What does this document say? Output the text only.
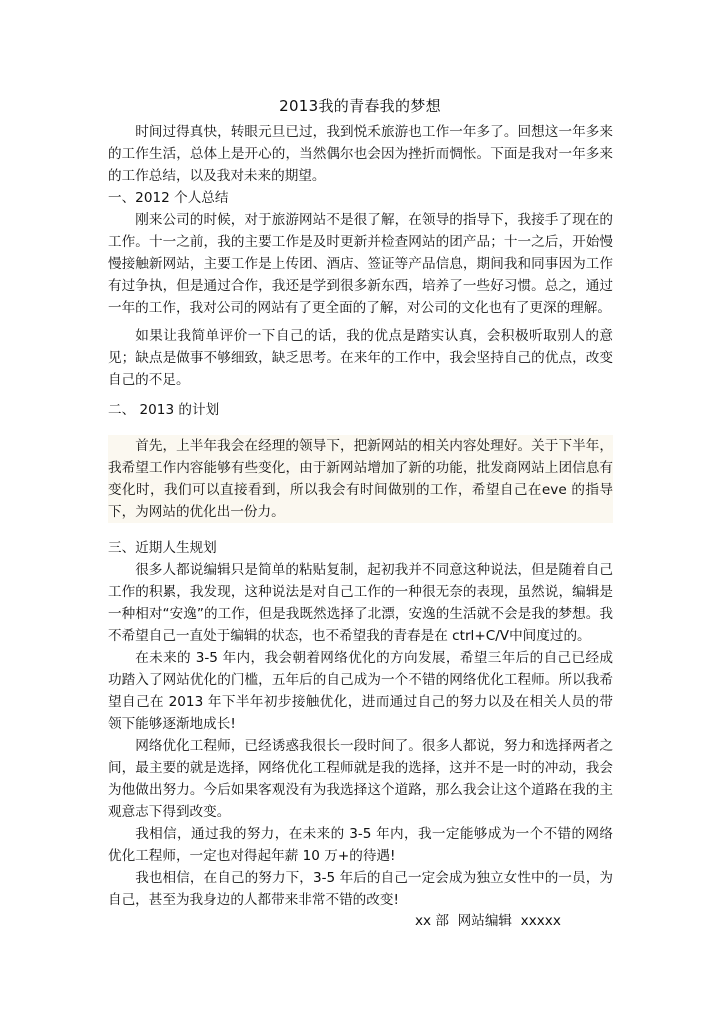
2013我的青春我的梦想

时间过得真快，转眼元旦已过，我到悦禾旅游也工作一年多了。回想这一年多来的工作生活，总体上是开心的，当然偶尔也会因为挫折而惆怅。下面是我对一年多来的工作总结，以及我对未来的期望。

一、2012 个人总结

刚来公司的时候，对于旅游网站不是很了解，在领导的指导下，我接手了现在的工作。十一之前，我的主要工作是及时更新并检查网站的团产品；十一之后，开始慢慢接触新网站，主要工作是上传团、酒店、签证等产品信息，期间我和同事因为工作有过争执，但是通过合作，我还是学到很多新东西，培养了一些好习惯。总之，通过一年的工作，我对公司的网站有了更全面的了解，对公司的文化也有了更深的理解。

如果让我简单评价一下自己的话，我的优点是踏实认真，会积极听取别人的意见；缺点是做事不够细致，缺乏思考。在来年的工作中，我会坚持自己的优点，改变自己的不足。

二、 2013 的计划

首先，上半年我会在经理的领导下，把新网站的相关内容处理好。关于下半年，我希望工作内容能够有些变化，由于新网站增加了新的功能，批发商网站上团信息有变化时，我们可以直接看到，所以我会有时间做别的工作，希望自己在eve 的指导下，为网站的优化出一份力。

三、近期人生规划

很多人都说编辑只是简单的粘贴复制，起初我并不同意这种说法，但是随着自己工作的积累，我发现，这种说法是对自己工作的一种很无奈的表现，虽然说，编辑是一种相对“安逸”的工作，但是我既然选择了北漂，安逸的生活就不会是我的梦想。我不希望自己一直处于编辑的状态，也不希望我的青春是在 ctrl+C/V中间度过的。

在未来的 3-5 年内，我会朝着网络优化的方向发展，希望三年后的自己已经成功踏入了网站优化的门槛，五年后的自己成为一个不错的网络优化工程师。所以我希望自己在 2013 年下半年初步接触优化，进而通过自己的努力以及在相关人员的带领下能够逐渐地成长!

网络优化工程师，已经诱惑我很长一段时间了。很多人都说，努力和选择两者之间，最主要的就是选择，网络优化工程师就是我的选择，这并不是一时的冲动，我会为他做出努力。今后如果客观没有为我选择这个道路，那么我会让这个道路在我的主观意志下得到改变。

我相信，通过我的努力，在未来的 3-5 年内，我一定能够成为一个不错的网络优化工程师，一定也对得起年薪 10 万+的待遇!

我也相信，在自己的努力下，3-5 年后的自己一定会成为独立女性中的一员，为自己，甚至为我身边的人都带来非常不错的改变!

xx 部  网站编辑  xxxxx
